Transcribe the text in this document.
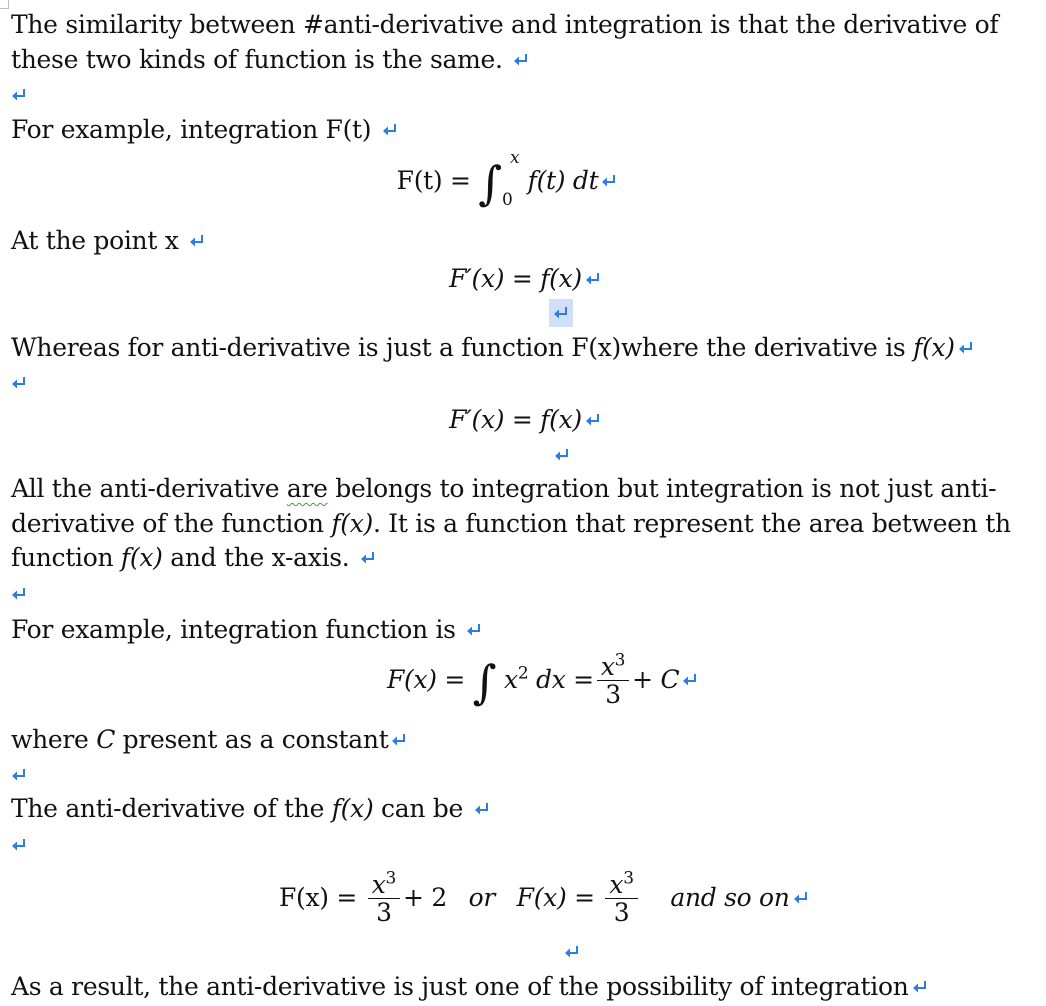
The similarity between #anti-derivative and integration is that the derivative of
these two kinds of function is the same.
For example, integration F(t)
F(t) = ∫ x
0
f(t) dt
At the point x
F′(x) = f(x)
Whereas for anti-derivative is just a function F(x)where the derivative is f(x)
F′(x) = f(x)
All the anti-derivative are belongs to integration but integration is not just anti-
derivative of the function f(x). It is a function that represent the area between th
function f(x) and the x-axis.
For example, integration function is
F(x) = ∫ $x^2$ dx = $\frac{x^3}{3} + C$
where C present as a constant
The anti-derivative of the f(x) can be
$F(x) = \frac{x^3}{3} + 2$ or $F(x) = \frac{x^3}{3}$ and so on
As a result, the anti-derivative is just one of the possibility of integration
